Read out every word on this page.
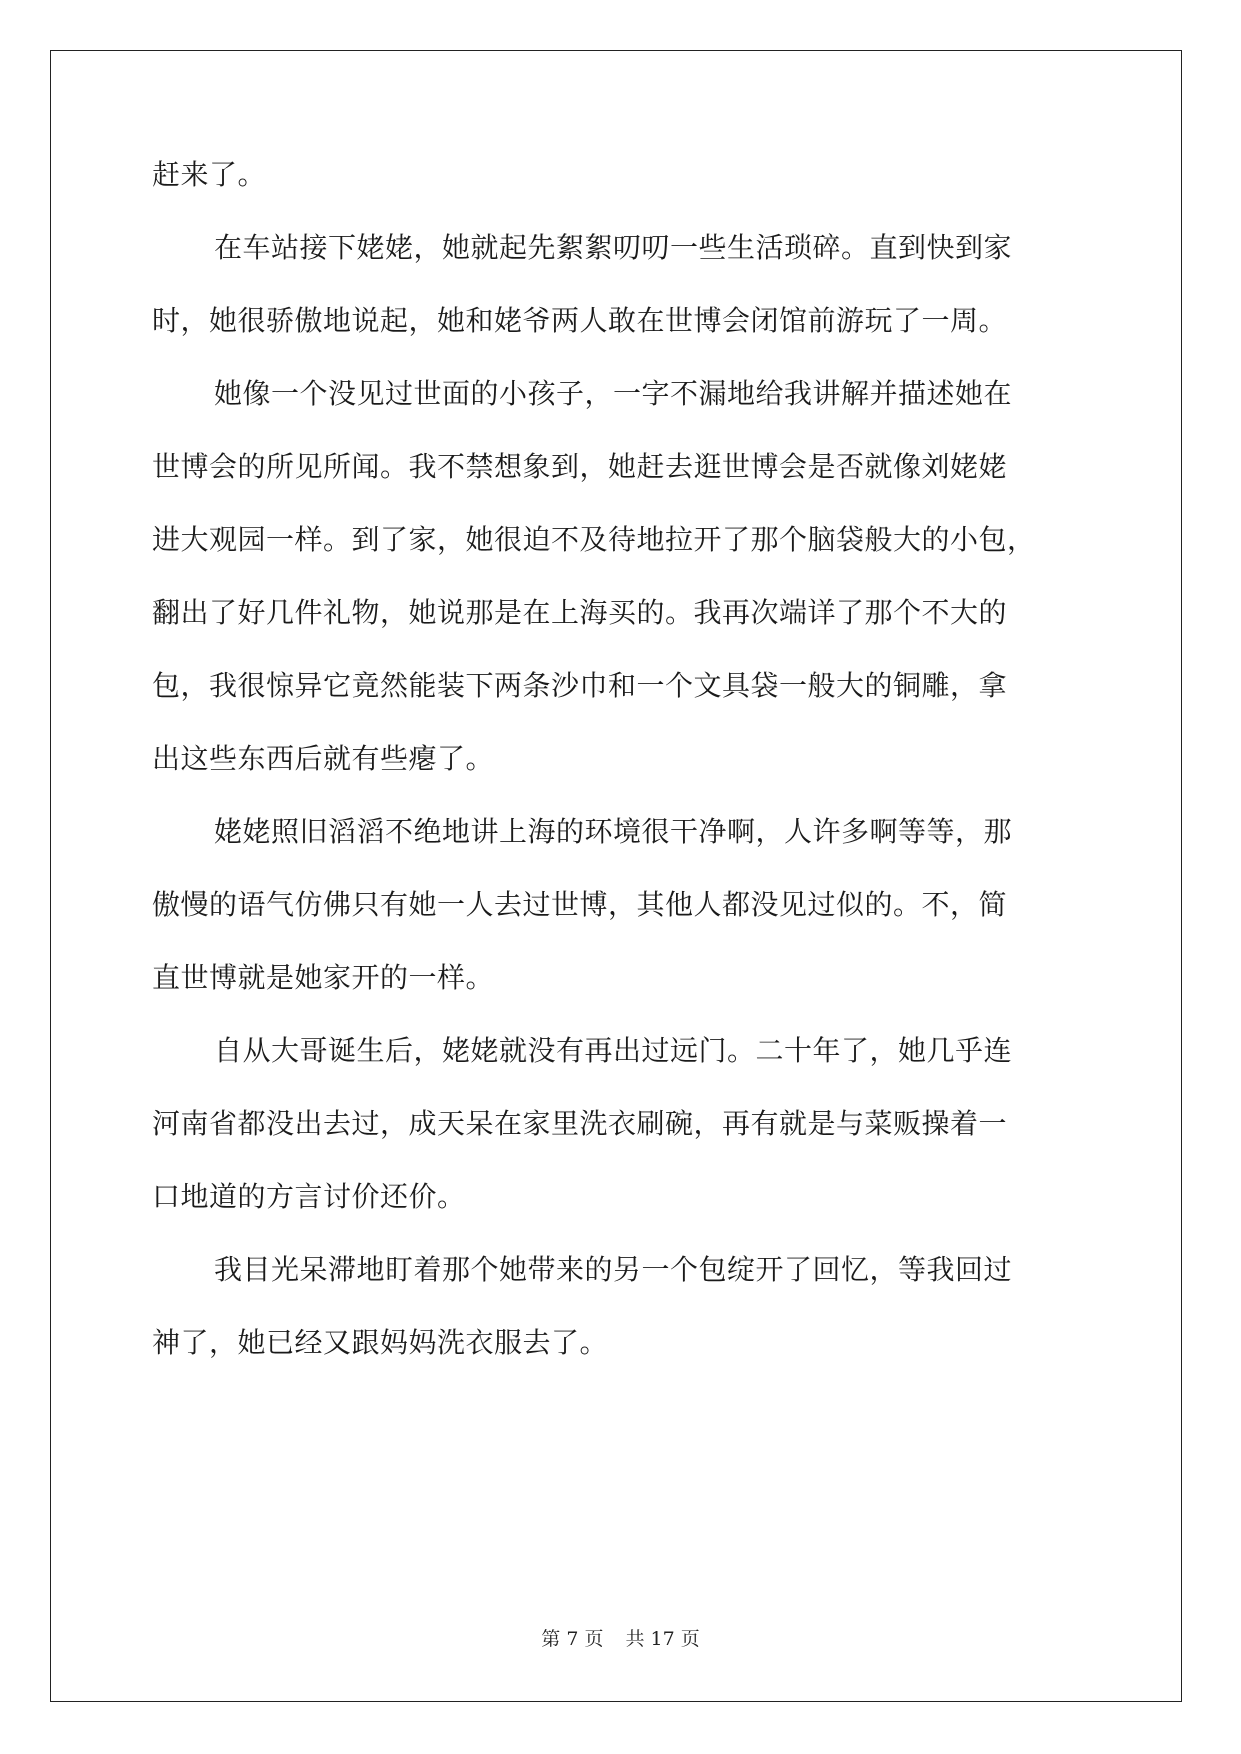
赶来了。
在车站接下姥姥，她就起先絮絮叨叨一些生活琐碎。直到快到家
时，她很骄傲地说起，她和姥爷两人敢在世博会闭馆前游玩了一周。
她像一个没见过世面的小孩子，一字不漏地给我讲解并描述她在
世博会的所见所闻。我不禁想象到，她赶去逛世博会是否就像刘姥姥
进大观园一样。到了家，她很迫不及待地拉开了那个脑袋般大的小包，
翻出了好几件礼物，她说那是在上海买的。我再次端详了那个不大的
包，我很惊异它竟然能装下两条沙巾和一个文具袋一般大的铜雕，拿
出这些东西后就有些瘪了。
姥姥照旧滔滔不绝地讲上海的环境很干净啊，人许多啊等等，那
傲慢的语气仿佛只有她一人去过世博，其他人都没见过似的。不，简
直世博就是她家开的一样。
自从大哥诞生后，姥姥就没有再出过远门。二十年了，她几乎连
河南省都没出去过，成天呆在家里洗衣刷碗，再有就是与菜贩操着一
口地道的方言讨价还价。
我目光呆滞地盯着那个她带来的另一个包绽开了回忆，等我回过
神了，她已经又跟妈妈洗衣服去了。
第 7 页 共 17 页
